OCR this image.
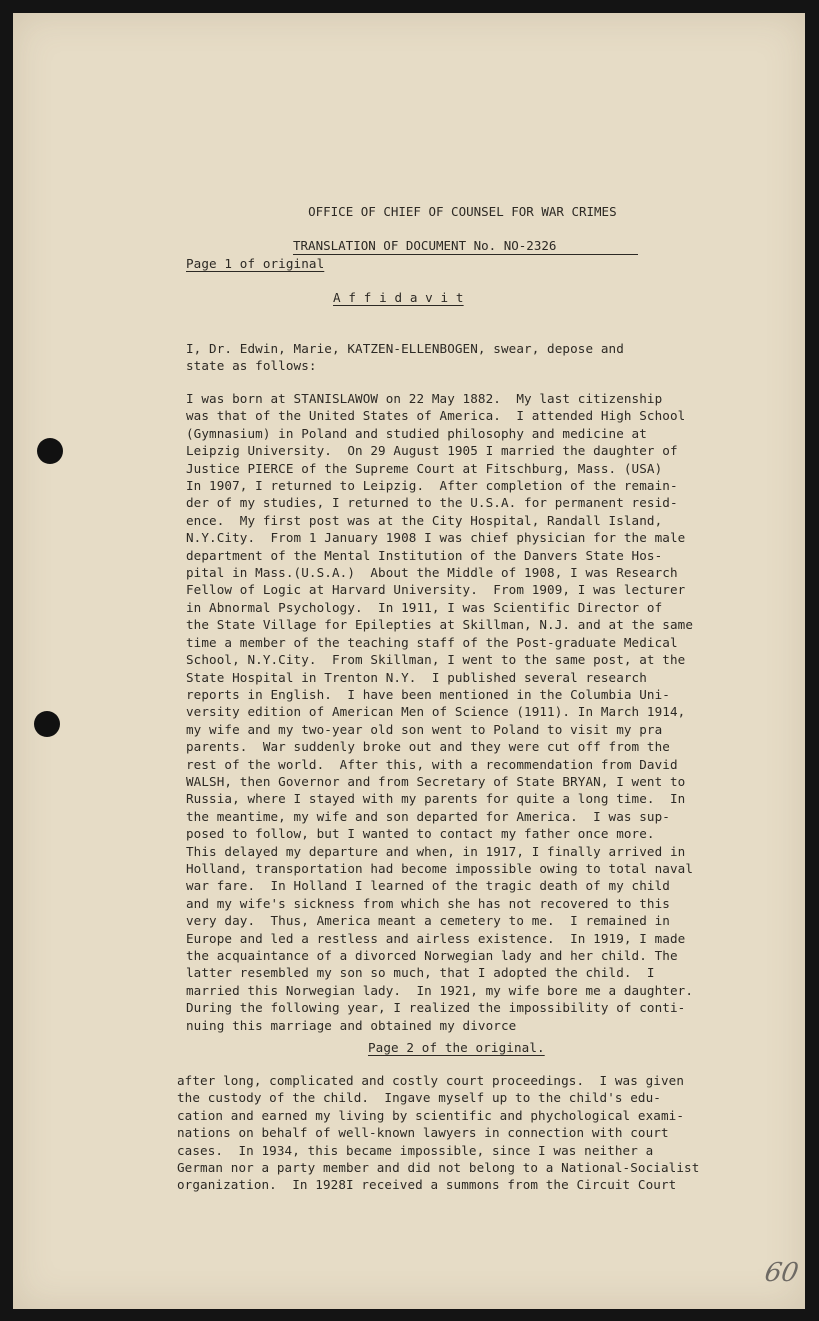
OFFICE OF CHIEF OF COUNSEL FOR WAR CRIMES

TRANSLATION OF DOCUMENT No. NO-2326

Page 1 of original
A f f i d a v i t
I, Dr. Edwin, Marie, KATZEN-ELLENBOGEN, swear, depose and
state as follows:
I was born at STANISLAWOW on 22 May 1882.  My last citizenship
was that of the United States of America.  I attended High School
(Gymnasium) in Poland and studied philosophy and medicine at
Leipzig University.  On 29 August 1905 I married the daughter of
Justice PIERCE of the Supreme Court at Fitschburg, Mass. (USA)
In 1907, I returned to Leipzig.  After completion of the remain-
der of my studies, I returned to the U.S.A. for permanent resid-
ence.  My first post was at the City Hospital, Randall Island,
N.Y.City.  From 1 January 1908 I was chief physician for the male
department of the Mental Institution of the Danvers State Hos-
pital in Mass.(U.S.A.)  About the Middle of 1908, I was Research
Fellow of Logic at Harvard University.  From 1909, I was lecturer
in Abnormal Psychology.  In 1911, I was Scientific Director of
the State Village for Epilepties at Skillman, N.J. and at the same
time a member of the teaching staff of the Post-graduate Medical
School, N.Y.City.  From Skillman, I went to the same post, at the
State Hospital in Trenton N.Y.  I published several research
reports in English.  I have been mentioned in the Columbia Uni-
versity edition of American Men of Science (1911). In March 1914,
my wife and my two-year old son went to Poland to visit my pra
parents.  War suddenly broke out and they were cut off from the
rest of the world.  After this, with a recommendation from David
WALSH, then Governor and from Secretary of State BRYAN, I went to
Russia, where I stayed with my parents for quite a long time.  In
the meantime, my wife and son departed for America.  I was sup-
posed to follow, but I wanted to contact my father once more.
This delayed my departure and when, in 1917, I finally arrived in
Holland, transportation had become impossible owing to total naval
war fare.  In Holland I learned of the tragic death of my child
and my wife's sickness from which she has not recovered to this
very day.  Thus, America meant a cemetery to me.  I remained in
Europe and led a restless and airless existence.  In 1919, I made
the acquaintance of a divorced Norwegian lady and her child. The
latter resembled my son so much, that I adopted the child.  I
married this Norwegian lady.  In 1921, my wife bore me a daughter.
During the following year, I realized the impossibility of conti-
nuing this marriage and obtained my divorce
Page 2 of the original.
after long, complicated and costly court proceedings.  I was given
the custody of the child.  Ingave myself up to the child's edu-
cation and earned my living by scientific and phychological exami-
nations on behalf of well-known lawyers in connection with court
cases.  In 1934, this became impossible, since I was neither a
German nor a party member and did not belong to a National-Socialist
organization.  In 1928I received a summons from the Circuit Court
60
